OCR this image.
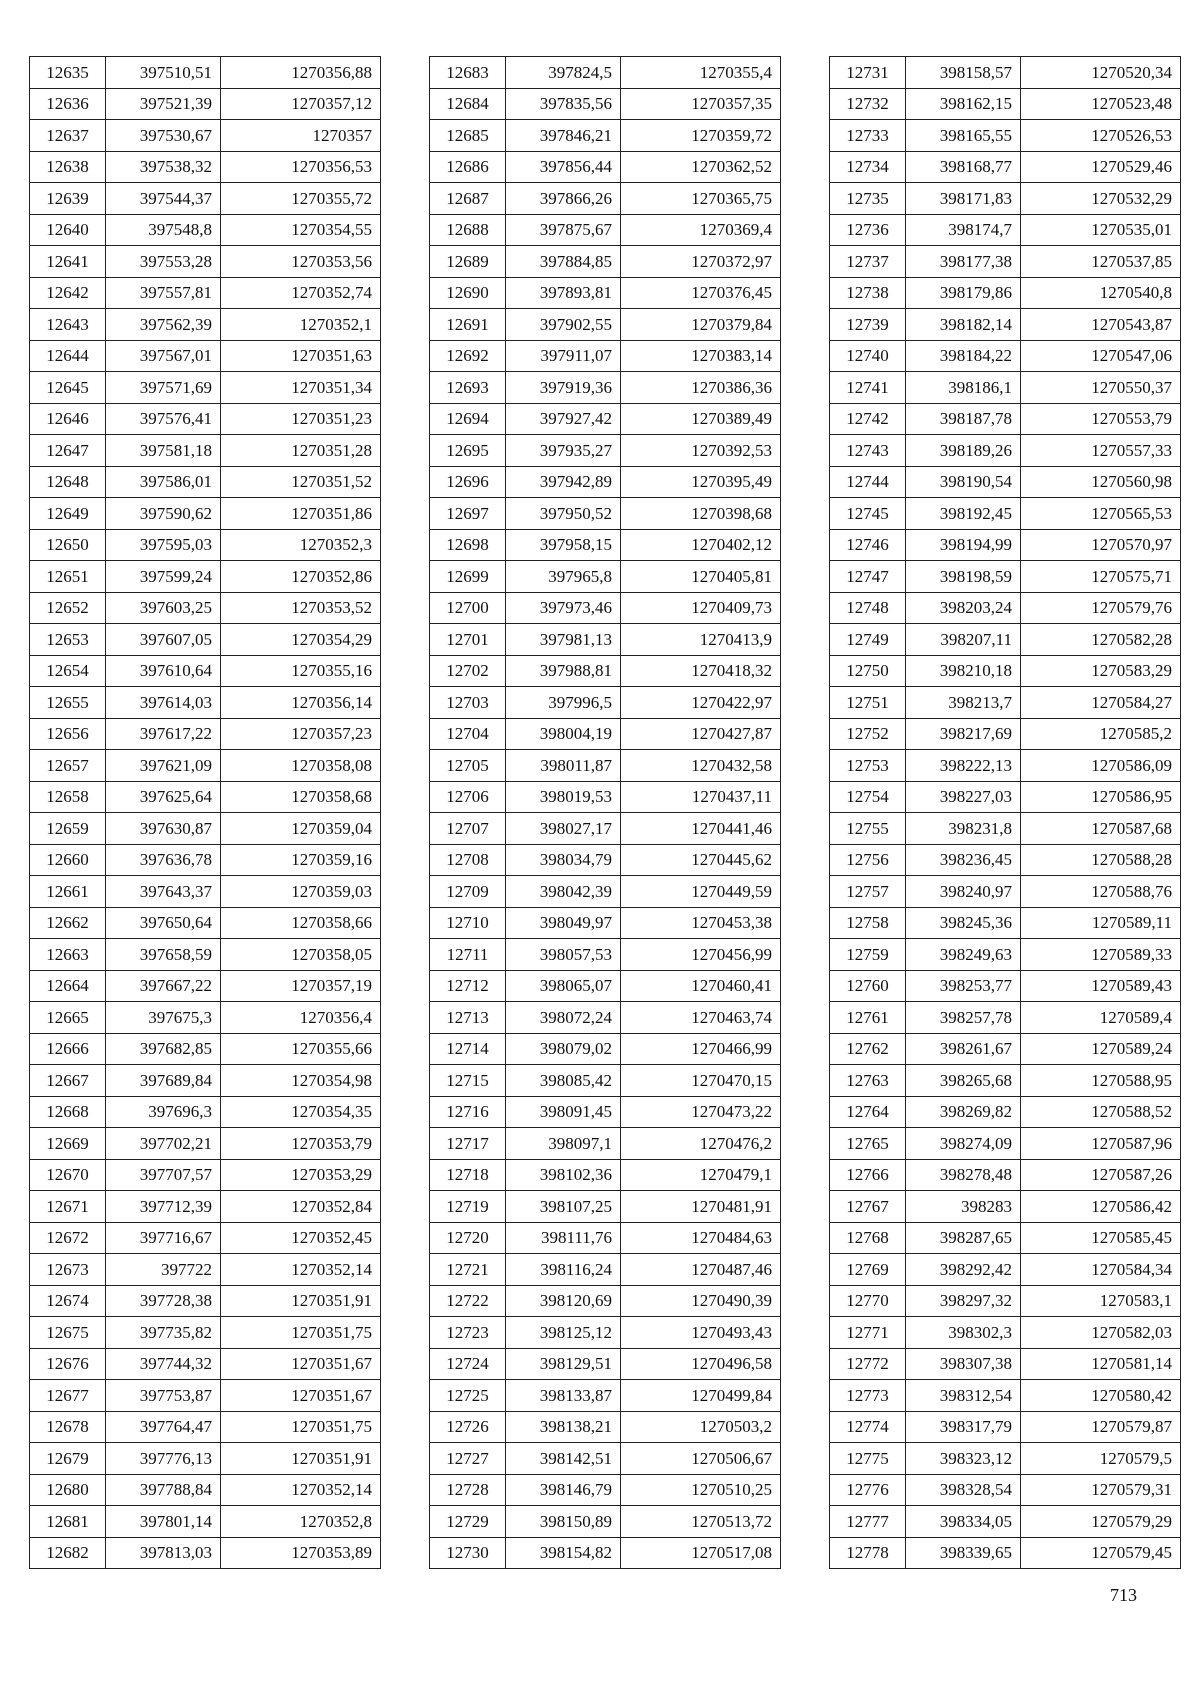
12635	397510,51	1270356,88
12636	397521,39	1270357,12
12637	397530,67	1270357
12638	397538,32	1270356,53
12639	397544,37	1270355,72
12640	397548,8	1270354,55
12641	397553,28	1270353,56
12642	397557,81	1270352,74
12643	397562,39	1270352,1
12644	397567,01	1270351,63
12645	397571,69	1270351,34
12646	397576,41	1270351,23
12647	397581,18	1270351,28
12648	397586,01	1270351,52
12649	397590,62	1270351,86
12650	397595,03	1270352,3
12651	397599,24	1270352,86
12652	397603,25	1270353,52
12653	397607,05	1270354,29
12654	397610,64	1270355,16
12655	397614,03	1270356,14
12656	397617,22	1270357,23
12657	397621,09	1270358,08
12658	397625,64	1270358,68
12659	397630,87	1270359,04
12660	397636,78	1270359,16
12661	397643,37	1270359,03
12662	397650,64	1270358,66
12663	397658,59	1270358,05
12664	397667,22	1270357,19
12665	397675,3	1270356,4
12666	397682,85	1270355,66
12667	397689,84	1270354,98
12668	397696,3	1270354,35
12669	397702,21	1270353,79
12670	397707,57	1270353,29
12671	397712,39	1270352,84
12672	397716,67	1270352,45
12673	397722	1270352,14
12674	397728,38	1270351,91
12675	397735,82	1270351,75
12676	397744,32	1270351,67
12677	397753,87	1270351,67
12678	397764,47	1270351,75
12679	397776,13	1270351,91
12680	397788,84	1270352,14
12681	397801,14	1270352,8
12682	397813,03	1270353,89
12683	397824,5	1270355,4
12684	397835,56	1270357,35
12685	397846,21	1270359,72
12686	397856,44	1270362,52
12687	397866,26	1270365,75
12688	397875,67	1270369,4
12689	397884,85	1270372,97
12690	397893,81	1270376,45
12691	397902,55	1270379,84
12692	397911,07	1270383,14
12693	397919,36	1270386,36
12694	397927,42	1270389,49
12695	397935,27	1270392,53
12696	397942,89	1270395,49
12697	397950,52	1270398,68
12698	397958,15	1270402,12
12699	397965,8	1270405,81
12700	397973,46	1270409,73
12701	397981,13	1270413,9
12702	397988,81	1270418,32
12703	397996,5	1270422,97
12704	398004,19	1270427,87
12705	398011,87	1270432,58
12706	398019,53	1270437,11
12707	398027,17	1270441,46
12708	398034,79	1270445,62
12709	398042,39	1270449,59
12710	398049,97	1270453,38
12711	398057,53	1270456,99
12712	398065,07	1270460,41
12713	398072,24	1270463,74
12714	398079,02	1270466,99
12715	398085,42	1270470,15
12716	398091,45	1270473,22
12717	398097,1	1270476,2
12718	398102,36	1270479,1
12719	398107,25	1270481,91
12720	398111,76	1270484,63
12721	398116,24	1270487,46
12722	398120,69	1270490,39
12723	398125,12	1270493,43
12724	398129,51	1270496,58
12725	398133,87	1270499,84
12726	398138,21	1270503,2
12727	398142,51	1270506,67
12728	398146,79	1270510,25
12729	398150,89	1270513,72
12730	398154,82	1270517,08
12731	398158,57	1270520,34
12732	398162,15	1270523,48
12733	398165,55	1270526,53
12734	398168,77	1270529,46
12735	398171,83	1270532,29
12736	398174,7	1270535,01
12737	398177,38	1270537,85
12738	398179,86	1270540,8
12739	398182,14	1270543,87
12740	398184,22	1270547,06
12741	398186,1	1270550,37
12742	398187,78	1270553,79
12743	398189,26	1270557,33
12744	398190,54	1270560,98
12745	398192,45	1270565,53
12746	398194,99	1270570,97
12747	398198,59	1270575,71
12748	398203,24	1270579,76
12749	398207,11	1270582,28
12750	398210,18	1270583,29
12751	398213,7	1270584,27
12752	398217,69	1270585,2
12753	398222,13	1270586,09
12754	398227,03	1270586,95
12755	398231,8	1270587,68
12756	398236,45	1270588,28
12757	398240,97	1270588,76
12758	398245,36	1270589,11
12759	398249,63	1270589,33
12760	398253,77	1270589,43
12761	398257,78	1270589,4
12762	398261,67	1270589,24
12763	398265,68	1270588,95
12764	398269,82	1270588,52
12765	398274,09	1270587,96
12766	398278,48	1270587,26
12767	398283	1270586,42
12768	398287,65	1270585,45
12769	398292,42	1270584,34
12770	398297,32	1270583,1
12771	398302,3	1270582,03
12772	398307,38	1270581,14
12773	398312,54	1270580,42
12774	398317,79	1270579,87
12775	398323,12	1270579,5
12776	398328,54	1270579,31
12777	398334,05	1270579,29
12778	398339,65	1270579,45
713
